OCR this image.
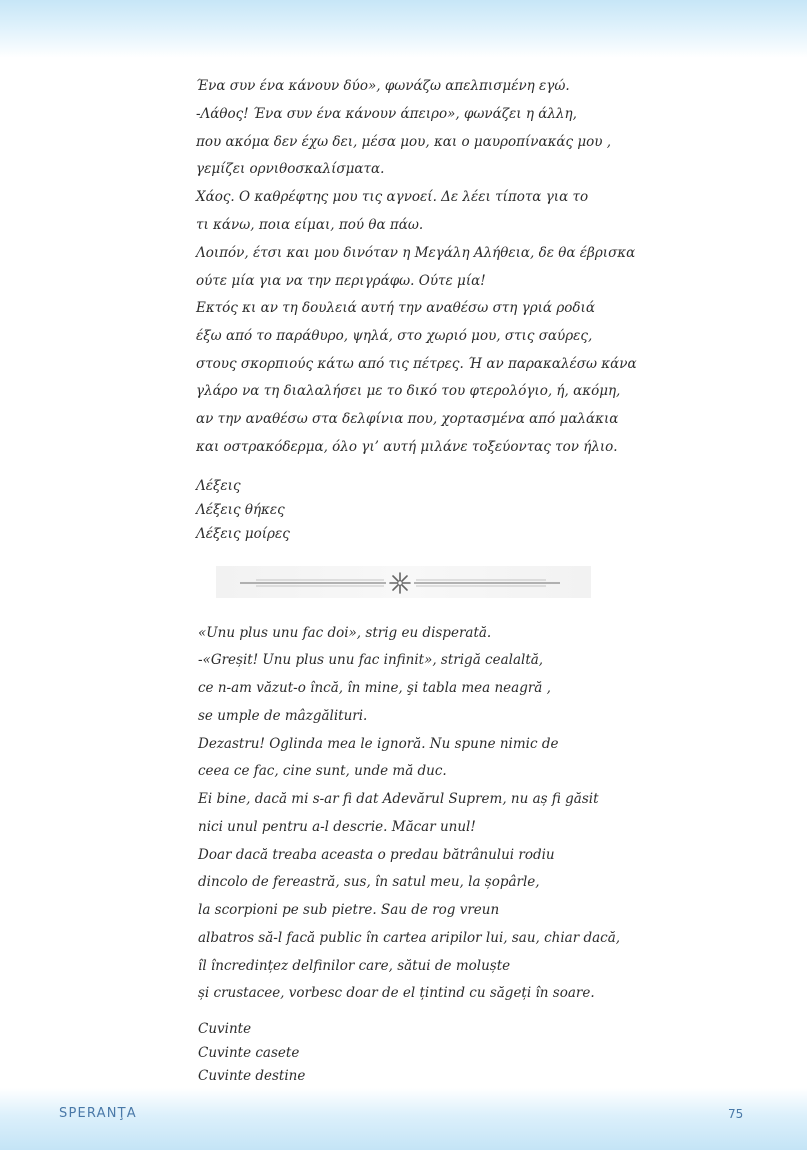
Ένα συν ένα κάνουν δύο», φωνάζω απελπισμένη εγώ.
-Λάθος! Ένα συν ένα κάνουν άπειρο», φωνάζει η άλλη,
που ακόμα δεν έχω δει, μέσα μου, και ο μαυροπίνακάς μου ,
γεμίζει ορνιθοσκαλίσματα.
Χάος. Ο καθρέφτης μου τις αγνοεί. Δε λέει τίποτα για το
τι κάνω, ποια είμαι, πού θα πάω.
Λοιπόν, έτσι και μου δινόταν η Μεγάλη Αλήθεια, δε θα έβρισκα
ούτε μία για να την περιγράφω. Ούτε μία!
Εκτός κι αν τη δουλειά αυτή την αναθέσω στη γριά ροδιά
έξω από το παράθυρο, ψηλά, στο χωριό μου, στις σαύρες,
στους σκορπιούς κάτω από τις πέτρες. Ή αν παρακαλέσω κάνα
γλάρο να τη διαλαλήσει με το δικό του φτερολόγιο, ή, ακόμη,
αν την αναθέσω στα δελφίνια που, χορτασμένα από μαλάκια
και οστρακόδερμα, όλο γι’ αυτή μιλάνε τοξεύοντας τον ήλιο.
Λέξεις
Λέξεις θήκες
Λέξεις μοίρες
«Unu plus unu fac doi», strig eu disperată.
-«Greșit! Unu plus unu fac infinit», strigă cealaltă,
ce n-am văzut-o încă, în mine, şi tabla mea neagră ,
se umple de mâzgăliturі.
Dezastru! Oglinda mea le ignoră. Nu spune nimic de
ceea ce fac, cine sunt, unde mă duc.
Ei bine, dacă mi s-ar fi dat Adevărul Suprem, nu aș fi găsit
nici unul pentru a-l descrie. Măcar unul!
Doar dacă treaba aceasta o predau bătrânului rodiu
dincolo de fereastră, sus, în satul meu, la șopârle,
la scorpioni pe sub pietre. Sau de rog vreun
albatros să-l facă public în cartea aripilor lui, sau, chiar dacă,
îl încredințez delfinilor care, sătui de moluște
și crustacee, vorbesc doar de el țintind cu săgeți în soare.
Cuvinte
Cuvinte casete
Cuvinte destine
SPERANŢA	75
